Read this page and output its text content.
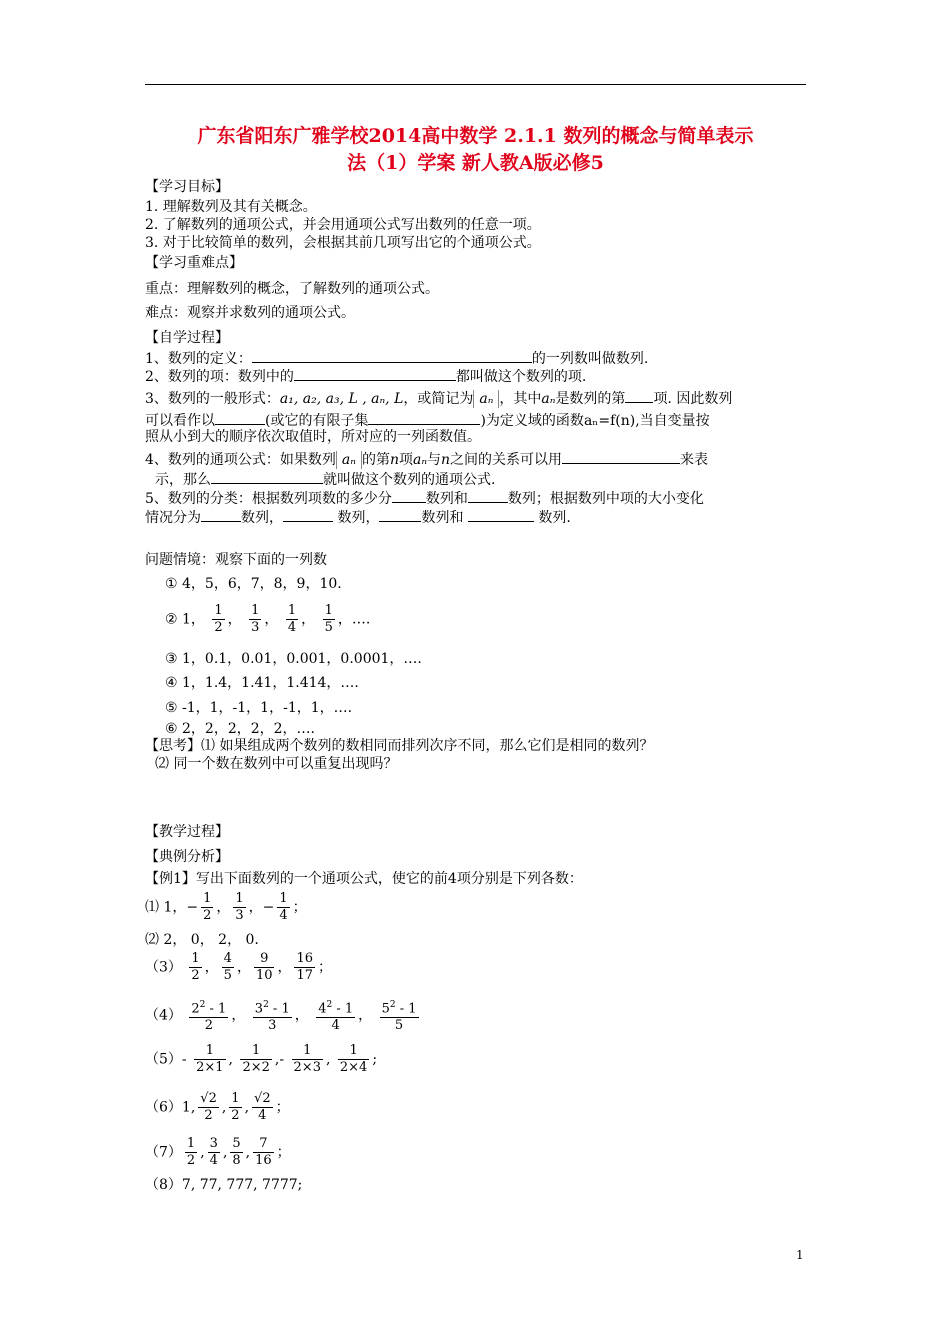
广东省阳东广雅学校2014高中数学 2.1.1 数列的概念与简单表示
法（1）学案 新人教A版必修5
【学习目标】
1. 理解数列及其有关概念。
2. 了解数列的通项公式，并会用通项公式写出数列的任意一项。
3. 对于比较简单的数列，会根据其前几项写出它的个通项公式。
【学习重难点】
重点：理解数列的概念，了解数列的通项公式。
难点：观察并求数列的通项公式。
【自学过程】
1、数列的定义：	的一列数叫做数列.
2、数列的项：数列中的	都叫做这个数列的项.
3、数列的一般形式：a₁, a₂, a₃, L , aₙ, L，或简记为 aₙ ，其中aₙ是数列的第 项. 因此数列
可以看作以	(或它的有限子集	)为定义域的函数aₙ=f(n),当自变量按
照从小到大的顺序依次取值时，所对应的一列函数值。
4、数列的通项公式：如果数列 aₙ 的第n项aₙ与n之间的关系可以用	来表
示，那么	就叫做这个数列的通项公式.
5、数列的分类：根据数列项数的多少分 数列和	数列；根据数列中项的大小变化
情况分为	数列，	数列，	数列和	数列.
问题情境：观察下面的一列数
① 4，5，6，7，8，9，10.
② 1， $\frac{1}{2}$ ， $\frac{1}{3}$ ， $\frac{1}{4}$ ， $\frac{1}{5}$ ，….
③ 1，0.1，0.01，0.001，0.0001，….
④ 1，1.4，1.41，1.414，….
⑤ -1，1，-1，1，-1，1，….
⑥ 2，2，2，2，2，….
【思考】⑴ 如果组成两个数列的数相同而排列次序不同，那么它们是相同的数列？
⑵ 同一个数在数列中可以重复出现吗？
【教学过程】
【典例分析】
【例1】写出下面数列的一个通项公式，使它的前4项分别是下列各数：
⑴ 1，− $\frac{1}{2}$ ， $\frac{1}{3}$ ，− $\frac{1}{4}$ ；
⑵ 2， 0， 2， 0.
$(3) \frac{1}{2}$ ， $\frac{4}{5}$ ， $\frac{9}{10}$ ， $\frac{16}{17}$ ；
$(4) \frac{2^2 - 1}{2}$ ， $\frac{3^2 - 1}{3}$ ， $\frac{4^2 - 1}{4}$ ， $\frac{5^2 - 1}{5}$
$(5)- \frac{1}{2\times 1}$ , $\frac{1}{2\times 2}$ ,- $\frac{1}{2\times 3}$ , $\frac{1}{2\times 4}$ ;
（6）1, $\frac{√2}{2}$ , $\frac{1}{2}$ , $\frac{√2}{4}$ ；
$(7) \frac{1}{2}$ , $\frac{3}{4}$ , $\frac{5}{8}$ , $\frac{7}{16}$ ；
（8）7, 77, 777, 7777;
1
